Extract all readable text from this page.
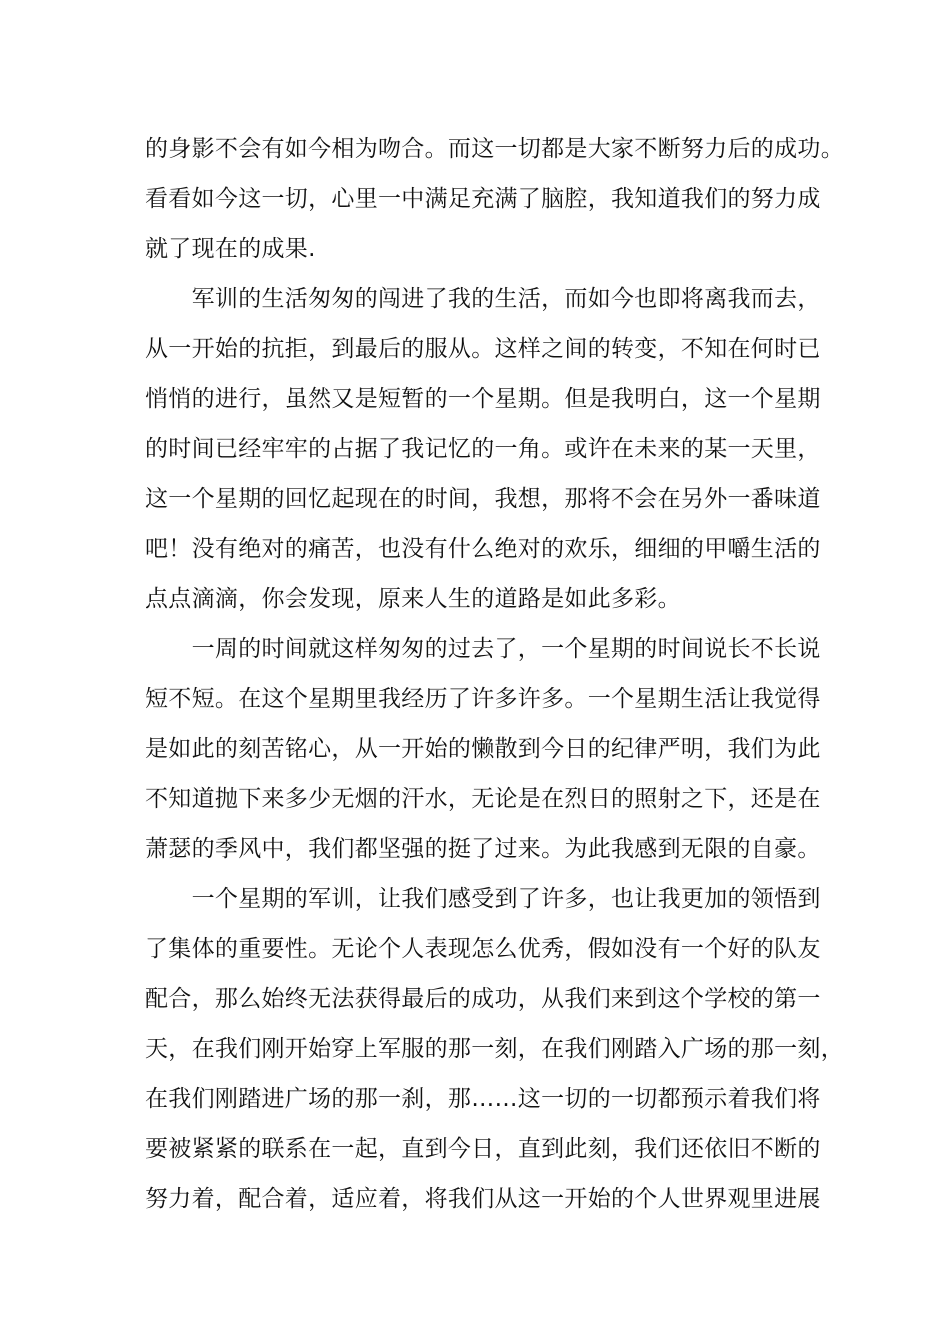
的身影不会有如今相为吻合。而这一切都是大家不断努力后的成功。
看看如今这一切，心里一中满足充满了脑腔，我知道我们的努力成
就了现在的成果.
　　军训的生活匆匆的闯进了我的生活，而如今也即将离我而去，
从一开始的抗拒，到最后的服从。这样之间的转变，不知在何时已
悄悄的进行，虽然又是短暂的一个星期。但是我明白，这一个星期
的时间已经牢牢的占据了我记忆的一角。或许在未来的某一天里，
这一个星期的回忆起现在的时间，我想，那将不会在另外一番味道
吧！没有绝对的痛苦，也没有什么绝对的欢乐，细细的甲嚼生活的
点点滴滴，你会发现，原来人生的道路是如此多彩。
　　一周的时间就这样匆匆的过去了，一个星期的时间说长不长说
短不短。在这个星期里我经历了许多许多。一个星期生活让我觉得
是如此的刻苦铭心，从一开始的懒散到今日的纪律严明，我们为此
不知道抛下来多少无烟的汗水，无论是在烈日的照射之下，还是在
萧瑟的季风中，我们都坚强的挺了过来。为此我感到无限的自豪。
　　一个星期的军训，让我们感受到了许多，也让我更加的领悟到
了集体的重要性。无论个人表现怎么优秀，假如没有一个好的队友
配合，那么始终无法获得最后的成功，从我们来到这个学校的第一
天，在我们刚开始穿上军服的那一刻，在我们刚踏入广场的那一刻，
在我们刚踏进广场的那一刹，那……这一切的一切都预示着我们将
要被紧紧的联系在一起，直到今日，直到此刻，我们还依旧不断的
努力着，配合着，适应着，将我们从这一开始的个人世界观里进展
